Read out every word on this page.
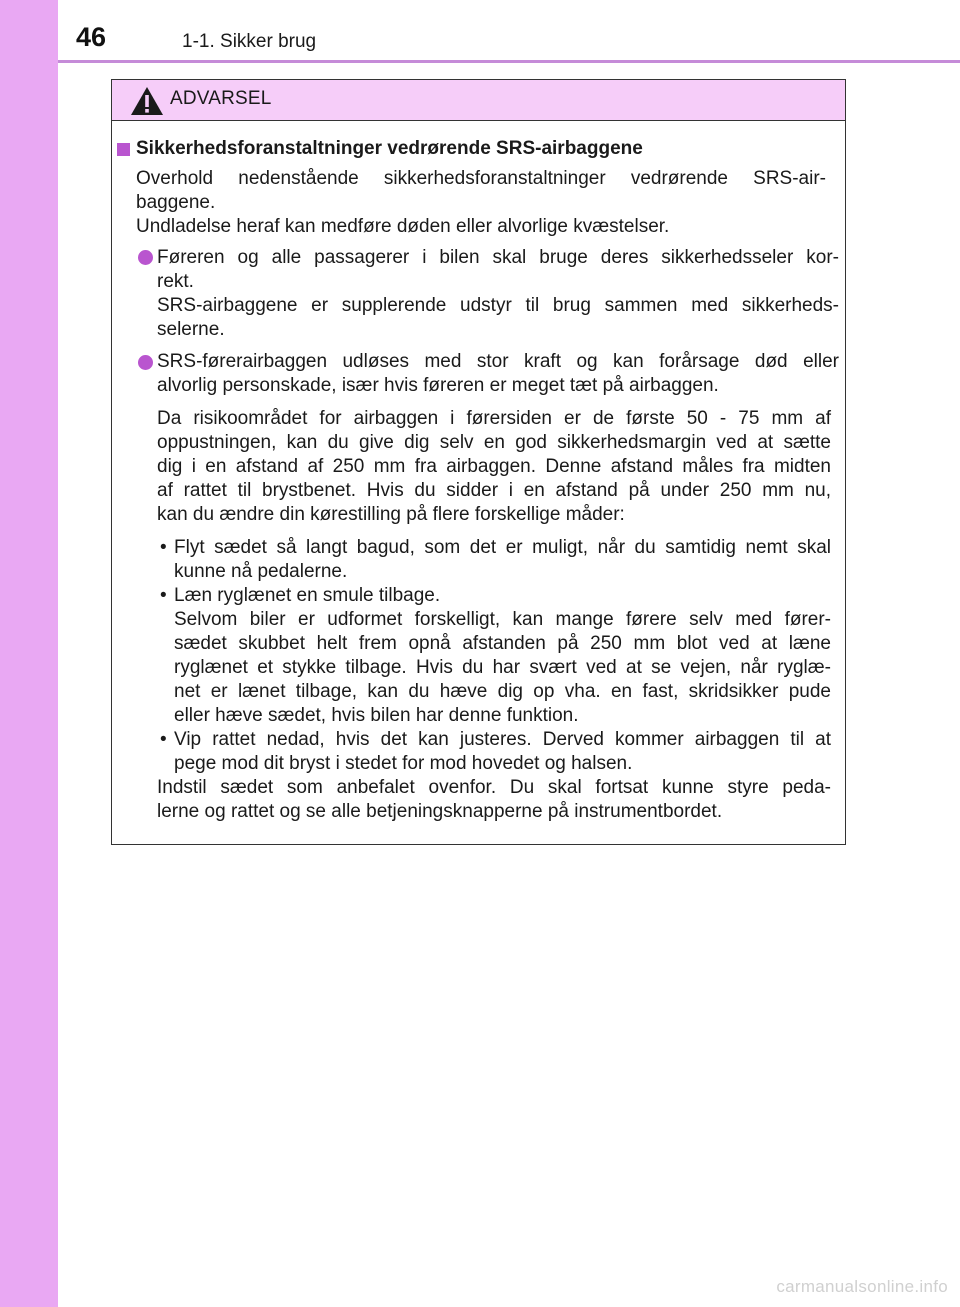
46	1-1. Sikker brug
ADVARSEL
Sikkerhedsforanstaltninger vedrørende SRS-airbaggene
Overhold nedenstående sikkerhedsforanstaltninger vedrørende SRS-air-
baggene.
Undladelse heraf kan medføre døden eller alvorlige kvæstelser.
Føreren og alle passagerer i bilen skal bruge deres sikkerhedsseler kor-
rekt.
SRS-airbaggene er supplerende udstyr til brug sammen med sikkerheds-
selerne.
SRS-førerairbaggen udløses med stor kraft og kan forårsage død eller
alvorlig personskade, især hvis føreren er meget tæt på airbaggen.
Da risikoområdet for airbaggen i førersiden er de første 50 - 75 mm af
oppustningen, kan du give dig selv en god sikkerhedsmargin ved at sætte
dig i en afstand af 250 mm fra airbaggen. Denne afstand måles fra midten
af rattet til brystbenet. Hvis du sidder i en afstand på under 250 mm nu,
kan du ændre din kørestilling på flere forskellige måder:
• Flyt sædet så langt bagud, som det er muligt, når du samtidig nemt skal
kunne nå pedalerne.
• Læn ryglænet en smule tilbage.
Selvom biler er udformet forskelligt, kan mange førere selv med fører-
sædet skubbet helt frem opnå afstanden på 250 mm blot ved at læne
ryglænet et stykke tilbage. Hvis du har svært ved at se vejen, når ryglæ-
net er lænet tilbage, kan du hæve dig op vha. en fast, skridsikker pude
eller hæve sædet, hvis bilen har denne funktion.
• Vip rattet nedad, hvis det kan justeres. Derved kommer airbaggen til at
pege mod dit bryst i stedet for mod hovedet og halsen.
Indstil sædet som anbefalet ovenfor. Du skal fortsat kunne styre peda-
lerne og rattet og se alle betjeningsknapperne på instrumentbordet.
carmanualsonline.info
